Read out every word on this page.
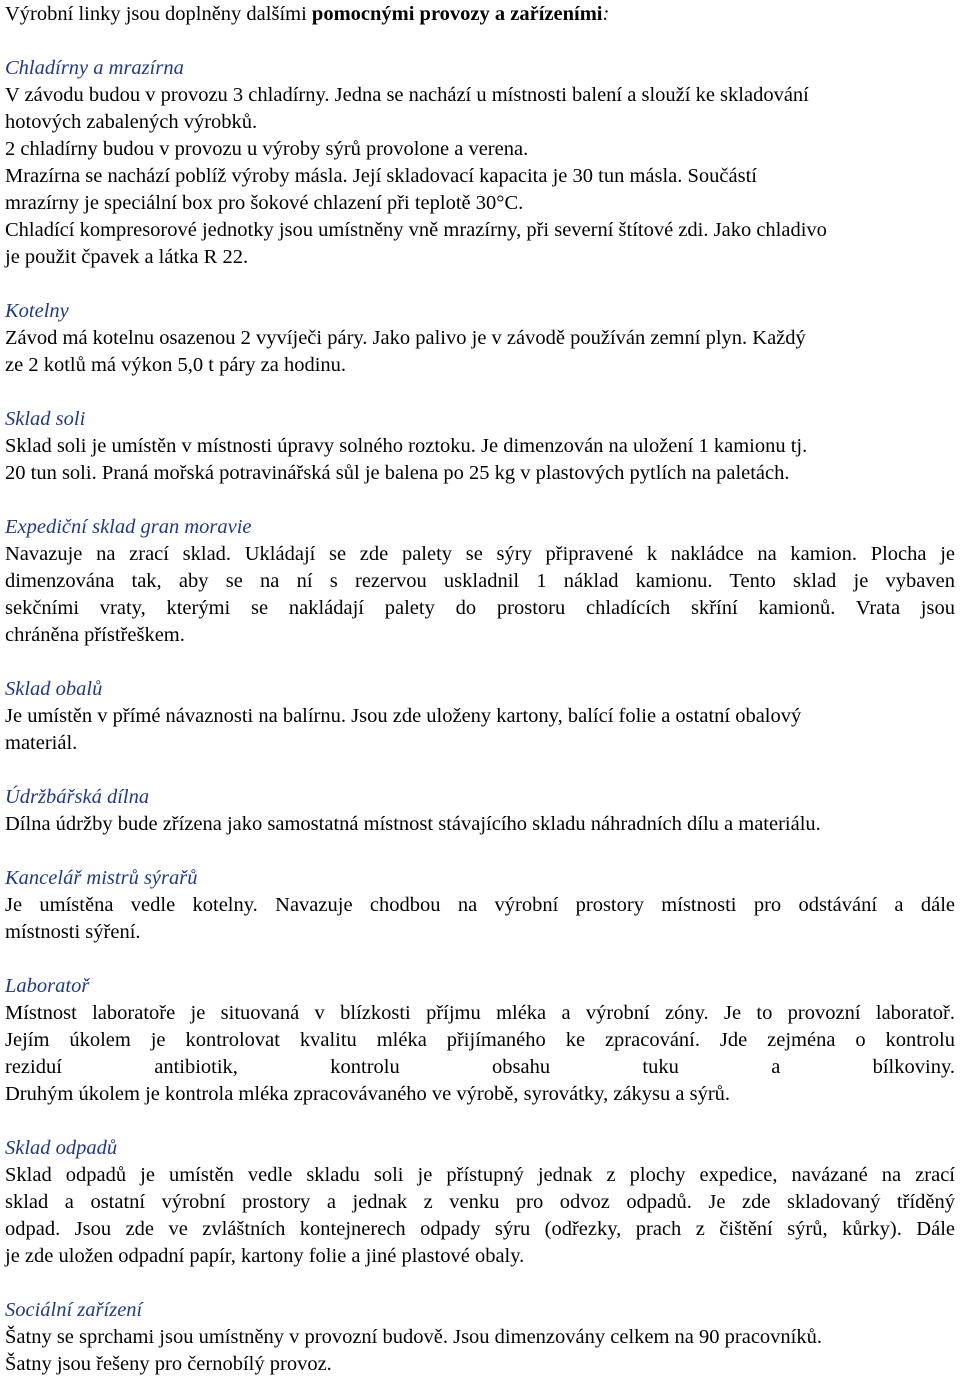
Výrobní linky jsou doplněny dalšími pomocnými provozy a zařízeními:

Chladírny a mrazírna

V závodu budou v provozu 3 chladírny. Jedna se nachází u místnosti balení a slouží ke skladování
hotových zabalených výrobků.
2 chladírny budou v provozu u výroby sýrů provolone a verena.
Mrazírna se nachází poblíž výroby másla. Její skladovací kapacita je 30 tun másla. Součástí
mrazírny je speciální box pro šokové chlazení při teplotě 30°C.
Chladící kompresorové jednotky jsou umístněny vně mrazírny, při severní štítové zdi. Jako chladivo
je použit čpavek a látka R 22.

Kotelny

Závod má kotelnu osazenou 2 vyvíječi páry. Jako palivo je v závodě používán zemní plyn. Každý
ze 2 kotlů má výkon 5,0 t páry za hodinu.

Sklad soli

Sklad soli je umístěn v místnosti úpravy solného roztoku. Je dimenzován na uložení 1 kamionu tj.
20 tun soli. Praná mořská potravinářská sůl je balena po 25 kg v plastových pytlích na paletách.

Expediční sklad gran moravie

Navazuje na zrací sklad. Ukládají se zde palety se sýry připravené k nakládce na kamion. Plocha je
dimenzována tak, aby se na ní s rezervou uskladnil 1 náklad kamionu. Tento sklad je vybaven
sekčními vraty, kterými se nakládají palety do prostoru chladících skříní kamionů. Vrata jsou
chráněna přístřeškem.

Sklad obalů

Je umístěn v přímé návaznosti na balírnu. Jsou zde uloženy kartony, balící folie a ostatní obalový
materiál.

Údržbářská dílna

Dílna údržby bude zřízena jako samostatná místnost stávajícího skladu náhradních dílu a materiálu.

Kancelář mistrů sýrařů

Je umístěna vedle kotelny. Navazuje chodbou na výrobní prostory místnosti pro odstávání a dále
místnosti sýření.

Laboratoř

Místnost laboratoře je situovaná v blízkosti příjmu mléka a výrobní zóny. Je to provozní laboratoř.
Jejím úkolem je kontrolovat kvalitu mléka přijímaného ke zpracování. Jde zejména o kontrolu
reziduí antibiotik, kontrolu obsahu tuku a bílkoviny.
Druhým úkolem je kontrola mléka zpracovávaného ve výrobě, syrovátky, zákysu a sýrů.

Sklad odpadů

Sklad odpadů je umístěn vedle skladu soli je přístupný jednak z plochy expedice, navázané na zrací
sklad a ostatní výrobní prostory a jednak z venku pro odvoz odpadů. Je zde skladovaný tříděný
odpad. Jsou zde ve zvláštních kontejnerech odpady sýru (odřezky, prach z čištění sýrů, kůrky). Dále
je zde uložen odpadní papír, kartony folie a jiné plastové obaly.

Sociální zařízení

Šatny se sprchami jsou umístněny v provozní budově. Jsou dimenzovány celkem na 90 pracovníků.
Šatny jsou řešeny pro černobílý provoz.
